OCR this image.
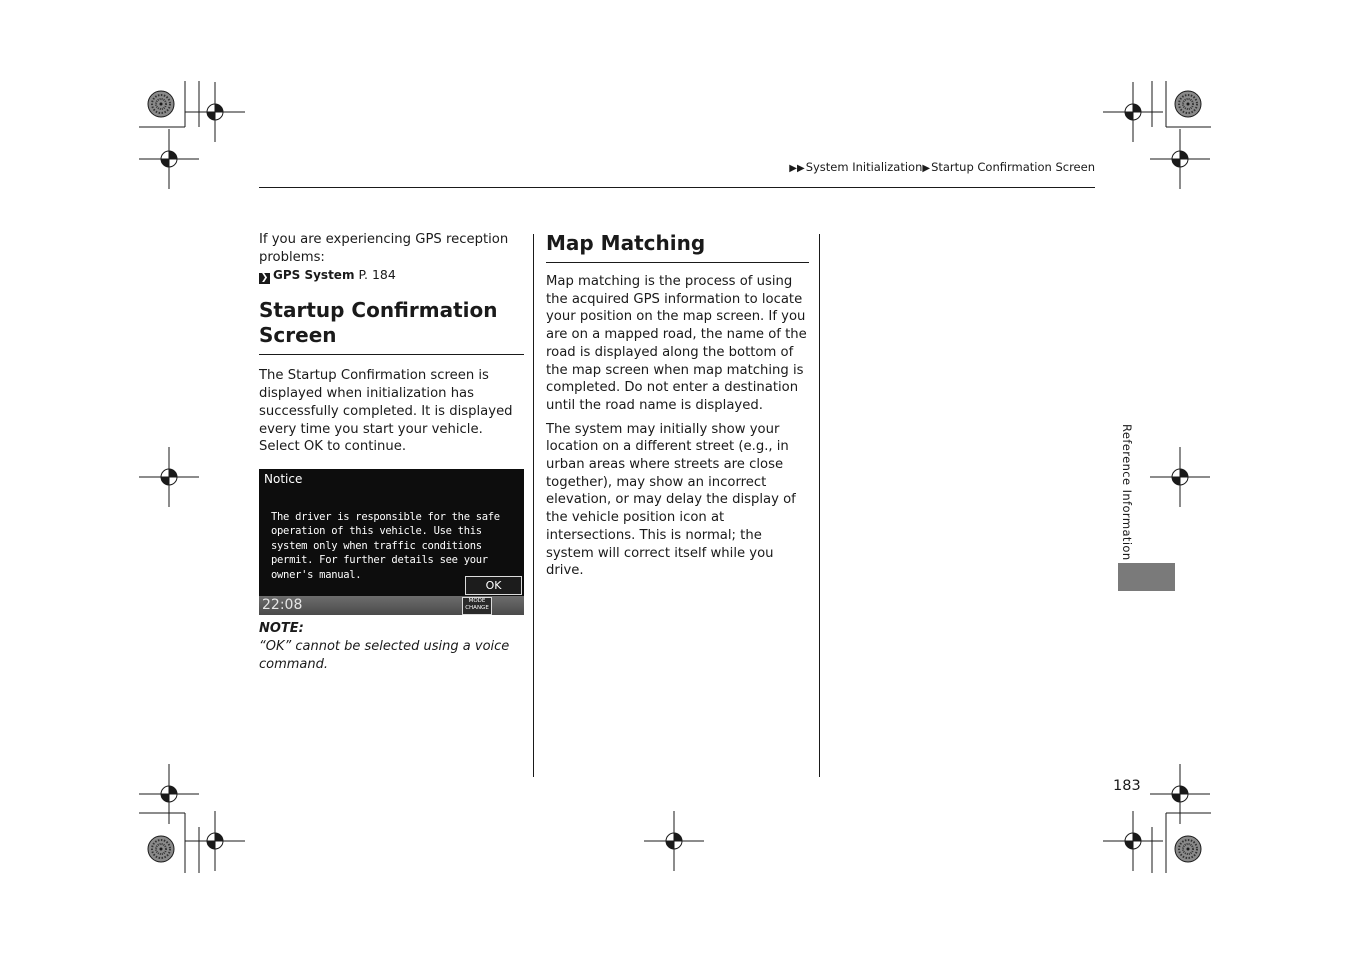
▶▶System Initialization▶Startup Confirmation Screen

If you are experiencing GPS reception problems:

❯ GPS System P. 184

Startup Confirmation Screen

The Startup Confirmation screen is displayed when initialization has successfully completed. It is displayed every time you start your vehicle. Select OK to continue.

Notice
The driver is responsible for the safe operation of this vehicle. Use this system only when traffic conditions permit. For further details see your owner's manual.
OK
22:08	MODE
CHANGE
NOTE:
“OK” cannot be selected using a voice command.
Map Matching

Map matching is the process of using the acquired GPS information to locate your position on the map screen. If you are on a mapped road, the name of the road is displayed along the bottom of the map screen when map matching is completed. Do not enter a destination until the road name is displayed.

The system may initially show your location on a different street (e.g., in urban areas where streets are close together), may show an incorrect elevation, or may delay the display of the vehicle position icon at intersections. This is normal; the system will correct itself while you drive.

Reference Information
183
